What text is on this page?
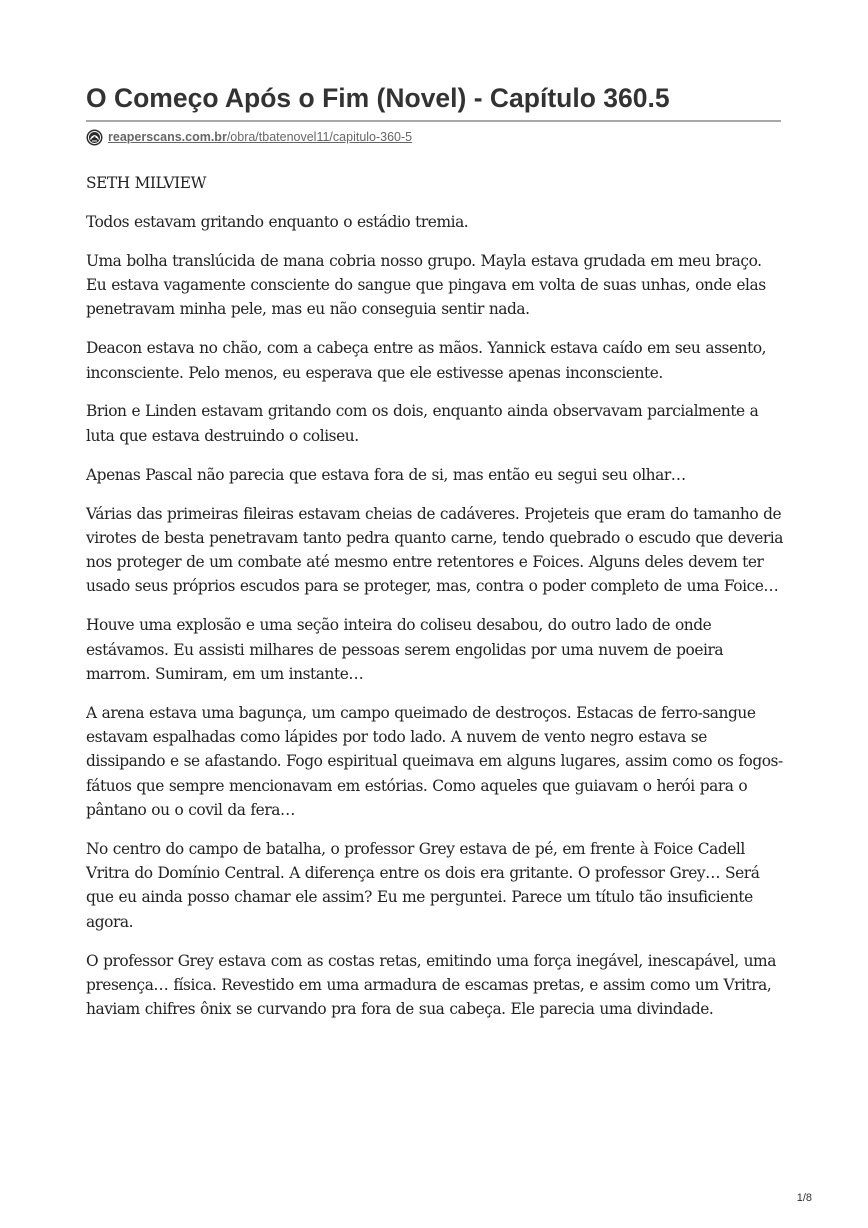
O Começo Após o Fim (Novel) - Capítulo 360.5
reaperscans.com.br/obra/tbatenovel11/capitulo-360-5

SETH MILVIEW

Todos estavam gritando enquanto o estádio tremia.

Uma bolha translúcida de mana cobria nosso grupo. Mayla estava grudada em meu braço. Eu estava vagamente consciente do sangue que pingava em volta de suas unhas, onde elas penetravam minha pele, mas eu não conseguia sentir nada.

Deacon estava no chão, com a cabeça entre as mãos. Yannick estava caído em seu assento, inconsciente. Pelo menos, eu esperava que ele estivesse apenas inconsciente.

Brion e Linden estavam gritando com os dois, enquanto ainda observavam parcialmente a luta que estava destruindo o coliseu.

Apenas Pascal não parecia que estava fora de si, mas então eu segui seu olhar…

Várias das primeiras fileiras estavam cheias de cadáveres. Projeteis que eram do tamanho de virotes de besta penetravam tanto pedra quanto carne, tendo quebrado o escudo que deveria nos proteger de um combate até mesmo entre retentores e Foices. Alguns deles devem ter usado seus próprios escudos para se proteger, mas, contra o poder completo de uma Foice…

Houve uma explosão e uma seção inteira do coliseu desabou, do outro lado de onde estávamos. Eu assisti milhares de pessoas serem engolidas por uma nuvem de poeira marrom. Sumiram, em um instante…

A arena estava uma bagunça, um campo queimado de destroços. Estacas de ferro-sangue estavam espalhadas como lápides por todo lado. A nuvem de vento negro estava se dissipando e se afastando. Fogo espiritual queimava em alguns lugares, assim como os fogos-fátuos que sempre mencionavam em estórias. Como aqueles que guiavam o herói para o pântano ou o covil da fera…

No centro do campo de batalha, o professor Grey estava de pé, em frente à Foice Cadell Vritra do Domínio Central. A diferença entre os dois era gritante. O professor Grey… Será que eu ainda posso chamar ele assim? Eu me perguntei. Parece um título tão insuficiente agora.

O professor Grey estava com as costas retas, emitindo uma força inegável, inescapável, uma presença… física. Revestido em uma armadura de escamas pretas, e assim como um Vritra, haviam chifres ônix se curvando pra fora de sua cabeça. Ele parecia uma divindade.

1/8
